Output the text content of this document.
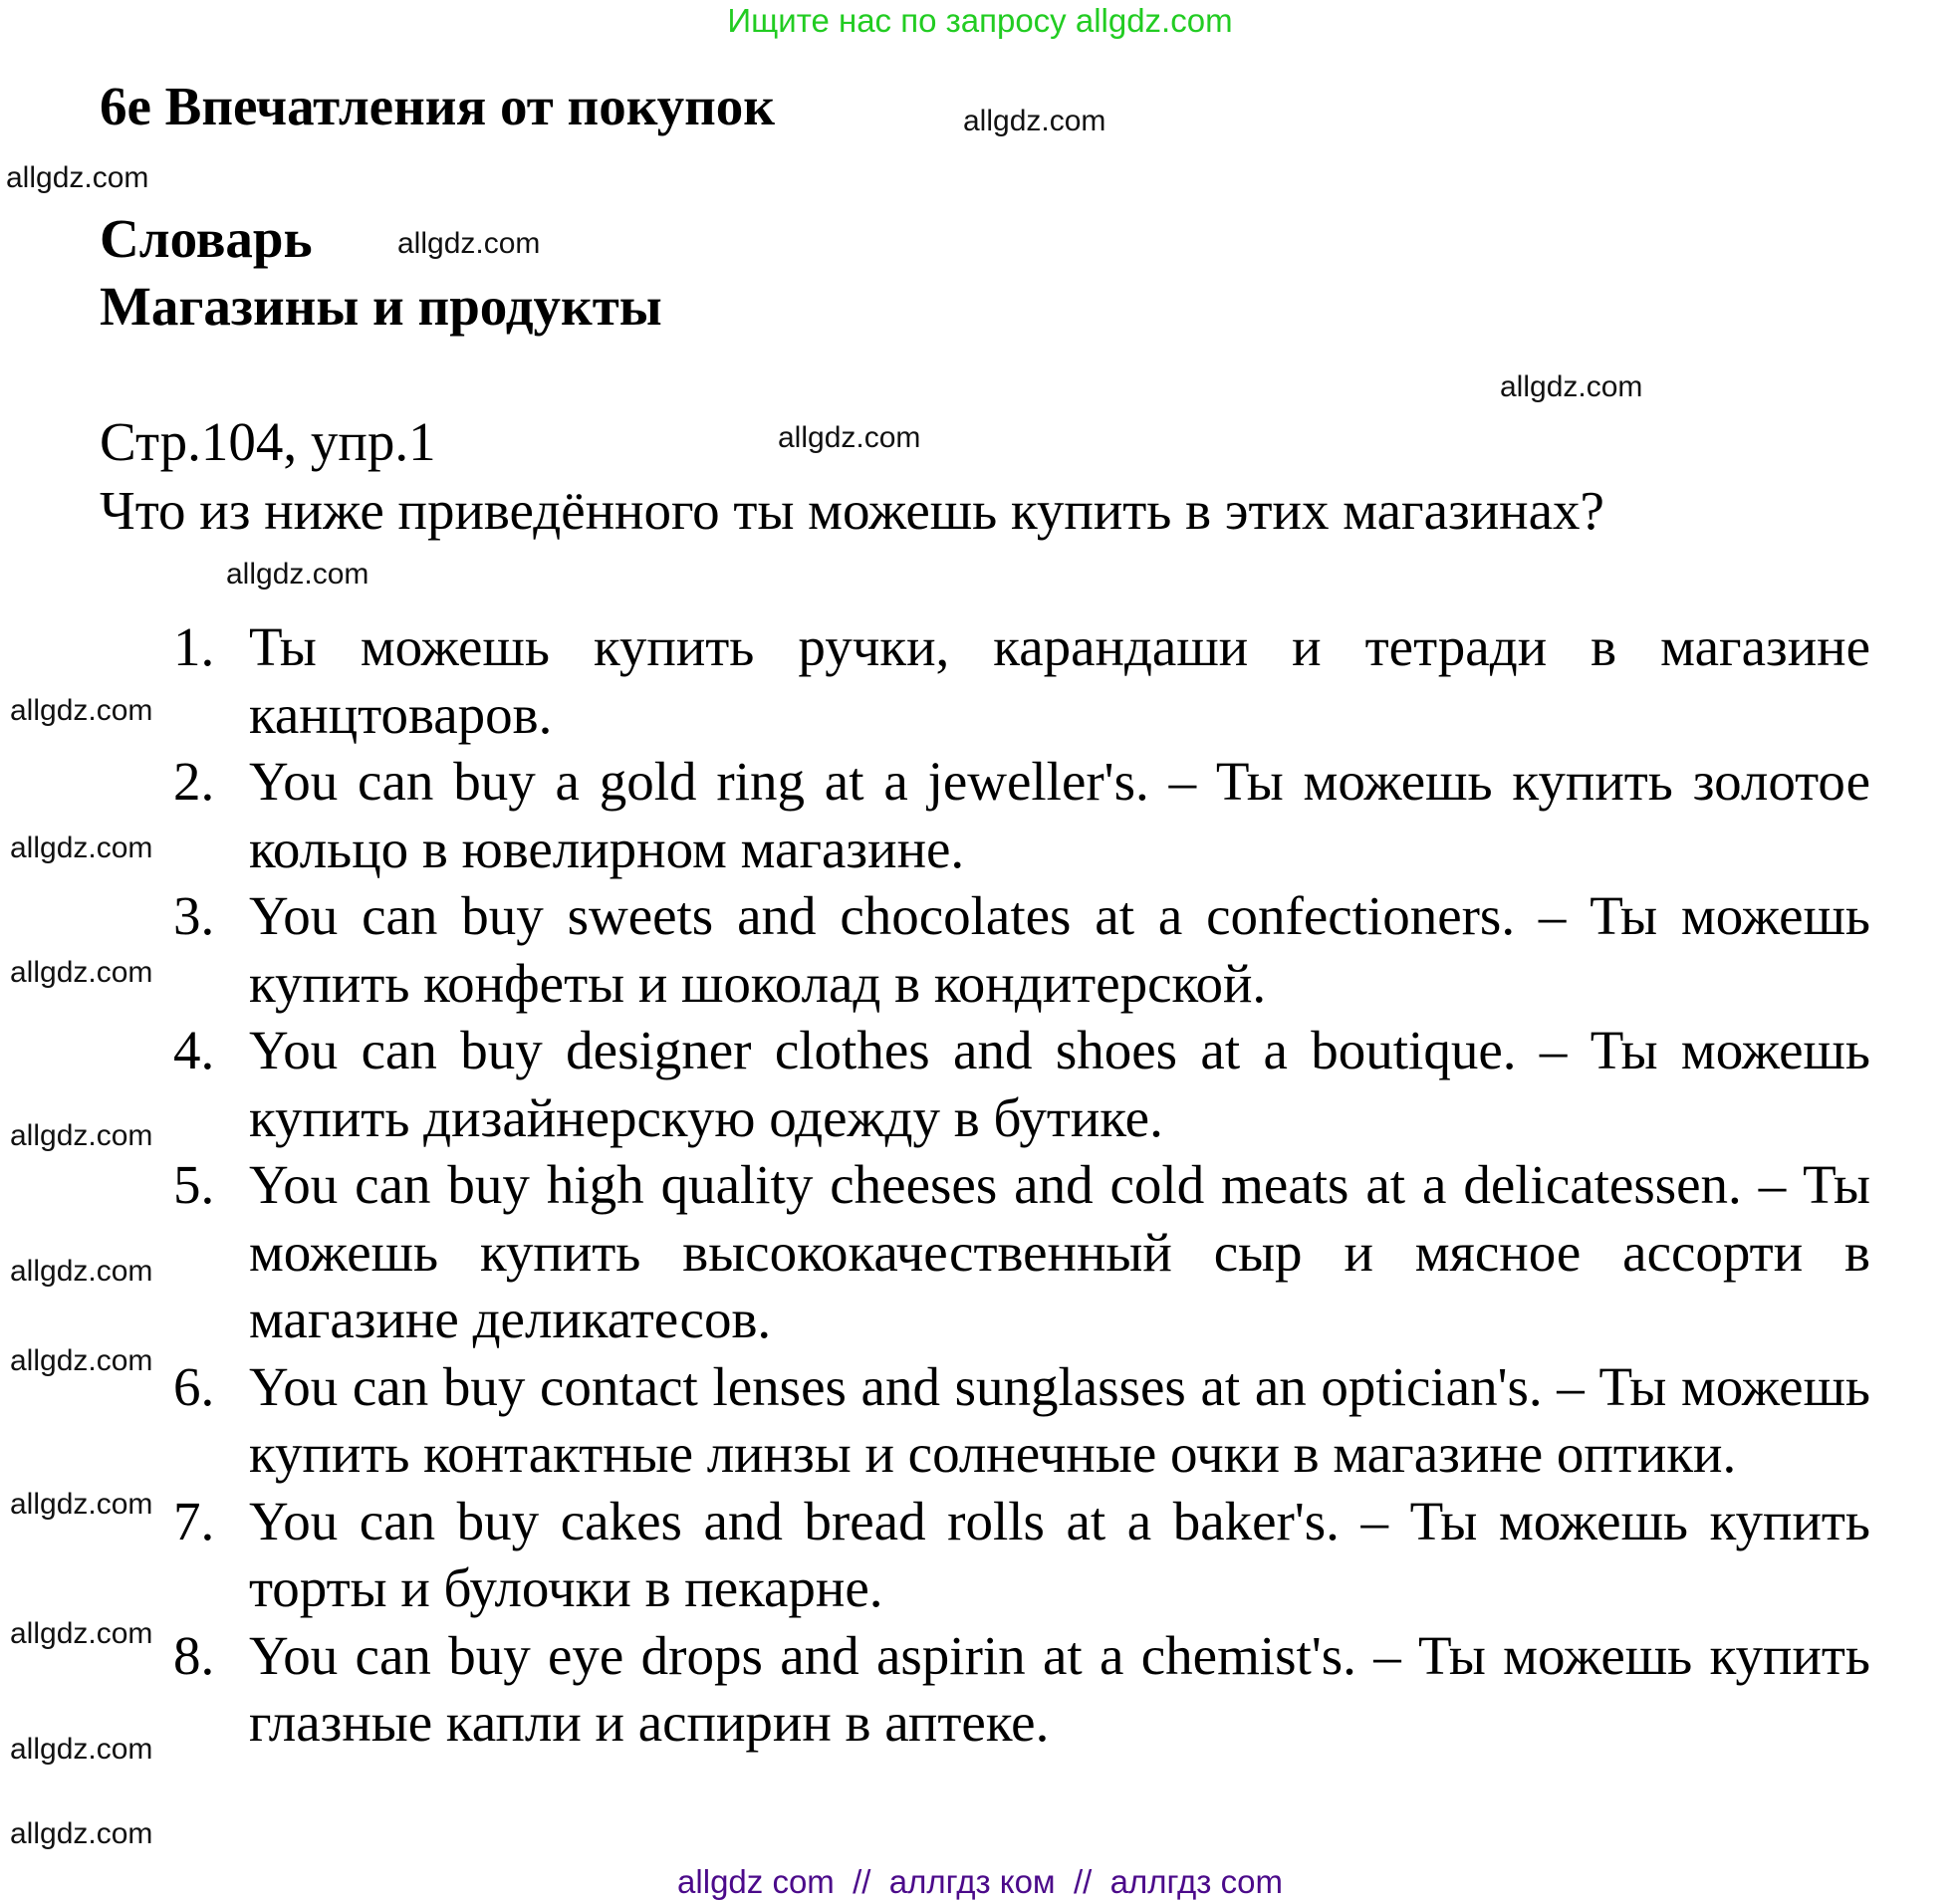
Ищите нас по запросу allgdz.com
6e Впечатления от покупок
Словарь
Магазины и продукты
Стр.104, упр.1
Что из ниже приведённого ты можешь купить в этих магазинах?
1. Ты можешь купить ручки, карандаши и тетради в магазине канцтоваров.
2. You can buy a gold ring at a jeweller's. – Ты можешь купить золотое кольцо в ювелирном магазине.
3. You can buy sweets and chocolates at a confectioners. – Ты можешь купить конфеты и шоколад в кондитерской.
4. You can buy designer clothes and shoes at a boutique. – Ты можешь купить дизайнерскую одежду в бутике.
5. You can buy high quality cheeses and cold meats at a delicatessen. – Ты можешь купить высококачественный сыр и мясное ассорти в магазине деликатесов.
6. You can buy contact lenses and sunglasses at an optician's. – Ты можешь купить контактные линзы и солнечные очки в магазине оптики.
7. You can buy cakes and bread rolls at a baker's. – Ты можешь купить торты и булочки в пекарне.
8. You can buy eye drops and aspirin at a chemist's. – Ты можешь купить глазные капли и аспирин в аптеке.
allgdz.com
allgdz.com
allgdz.com
allgdz.com
allgdz.com
allgdz.com
allgdz.com
allgdz.com
allgdz.com
allgdz.com
allgdz.com
allgdz.com
allgdz.com
allgdz.com
allgdz.com
allgdz.com
allgdz com  //  аллгдз ком  //  аллгдз com
